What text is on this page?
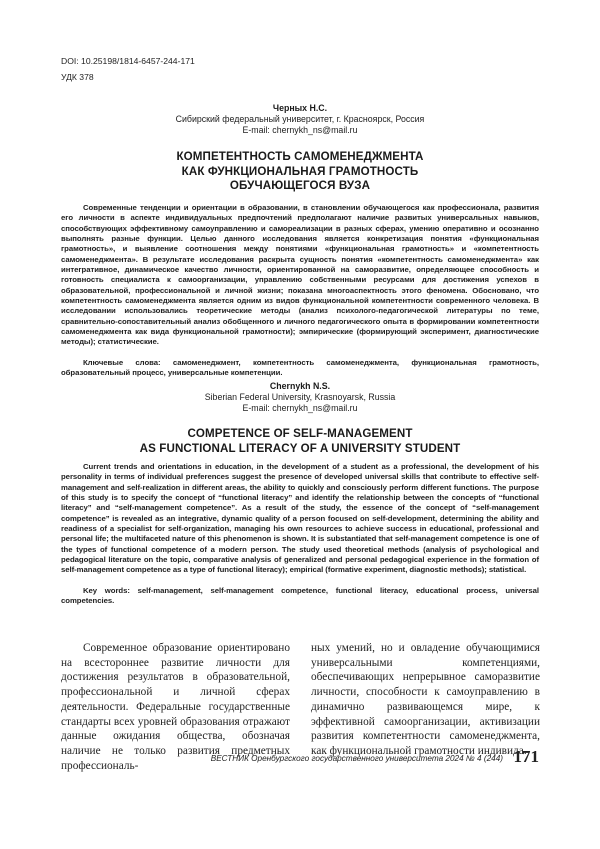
DOI: 10.25198/1814-6457-244-171
УДК 378
Черных Н.С.
Сибирский федеральный университет, г. Красноярск, Россия
E-mail: chernykh_ns@mail.ru
КОМПЕТЕНТНОСТЬ САМОМЕНЕДЖМЕНТА
КАК ФУНКЦИОНАЛЬНАЯ ГРАМОТНОСТЬ
ОБУЧАЮЩЕГОСЯ ВУЗА

Современные тенденции и ориентации в образовании, в становлении обучающегося как профессионала, развития его личности в аспекте индивидуальных предпочтений предполагают наличие развитых универсальных навыков, способствующих эффективному самоуправлению и самореализации в разных сферах, умению оперативно и осознанно выполнять разные функции. Целью данного исследования является конкретизация понятия «функциональная грамотность», и выявление соотношения между понятиями «функциональная грамотность» и «компетентность самоменеджмента». В результате исследования раскрыта сущность понятия «компетентность самоменеджмента» как интегративное, динамическое качество личности, ориентированной на саморазвитие, определяющее способность и готовность специалиста к самоорганизации, управлению собственными ресурсами для достижения успехов в образовательной, профессиональной и личной жизни; показана многоаспектность этого феномена. Обосновано, что компетентность самоменеджмента является одним из видов функциональной компетентности современного человека. В исследовании использовались теоретические методы (анализ психолого-педагогической литературы по теме, сравнительно-сопоставительный анализ обобщенного и личного педагогического опыта в формировании компетентности самоменеджмента как вида функциональной грамотности); эмпирические (формирующий эксперимент, диагностические методы); статистические.

Ключевые слова: самоменеджмент, компетентность самоменеджмента, функциональная грамотность, образовательный процесс, универсальные компетенции.

Chernykh N.S.
Siberian Federal University, Krasnoyarsk, Russia
E-mail: chernykh_ns@mail.ru
COMPETENCE OF SELF-MANAGEMENT
AS FUNCTIONAL LITERACY OF A UNIVERSITY STUDENT

Current trends and orientations in education, in the development of a student as a professional, the development of his personality in terms of individual preferences suggest the presence of developed universal skills that contribute to effective self-management and self-realization in different areas, the ability to quickly and consciously perform different functions. The purpose of this study is to specify the concept of “functional literacy” and identify the relationship between the concepts of “functional literacy” and “self-management competence”. As a result of the study, the essence of the concept of “self-management competence” is revealed as an integrative, dynamic quality of a person focused on self-development, determining the ability and readiness of a specialist for self-organization, managing his own resources to achieve success in educational, professional and personal life; the multifaceted nature of this phenomenon is shown. It is substantiated that self-management competence is one of the types of functional competence of a modern person. The study used theoretical methods (analysis of psychological and pedagogical literature on the topic, comparative analysis of generalized and personal pedagogical experience in the formation of self-management competence as a type of functional literacy); empirical (formative experiment, diagnostic methods); statistical.

Key words: self-management, self-management competence, functional literacy, educational process, universal competencies.

Современное образование ориентировано на всестороннее развитие личности для достижения результатов в образовательной, профессиональной и личной сферах деятельности. Федеральные государственные стандарты всех уровней образования отражают данные ожидания общества, обозначая наличие не только развития предметных профессиональ-

ных умений, но и овладение обучающимися универсальными компетенциями, обеспечивающих непрерывное саморазвитие личности, способности к самоуправлению в динамично развивающемся мире, к эффективной самоорганизации, активизации развития компетентности самоменеджмента, как функциональной грамотности индивида.

ВЕСТНИК Оренбургского государственного университета 2024 № 4 (244) 171
